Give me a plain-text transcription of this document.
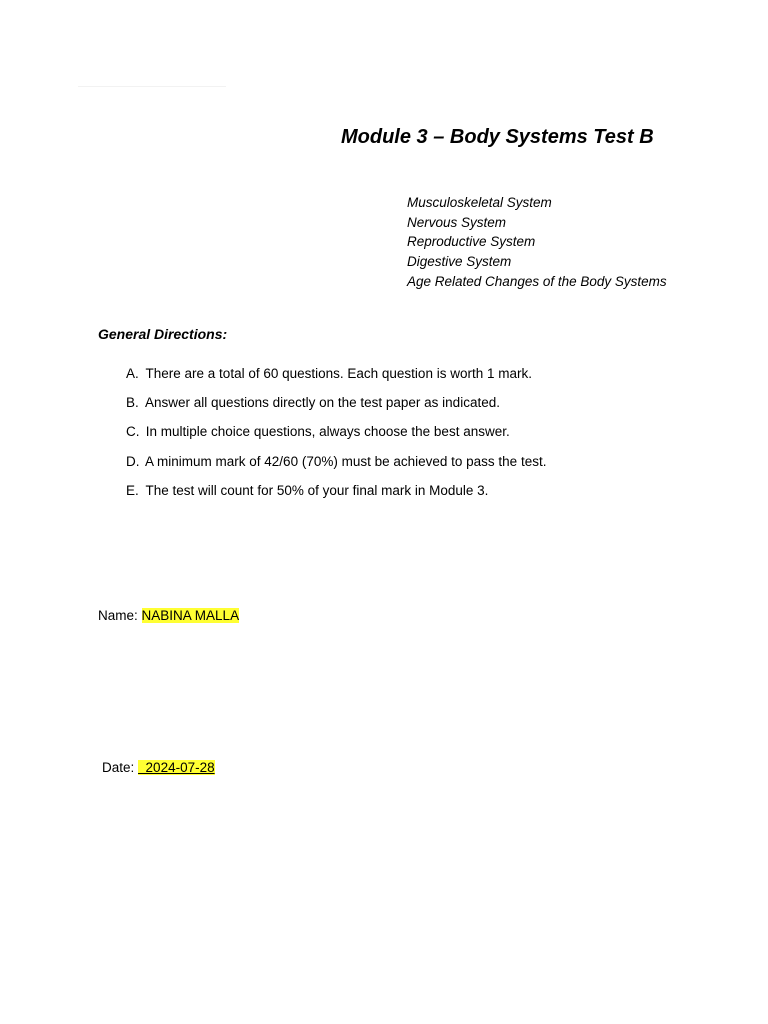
Module 3 – Body Systems Test B
Musculoskeletal System
Nervous System
Reproductive System
Digestive System
Age Related Changes of the Body Systems
General Directions:
A. There are a total of 60 questions. Each question is worth 1 mark.
B. Answer all questions directly on the test paper as indicated.
C. In multiple choice questions, always choose the best answer.
D. A minimum mark of 42/60 (70%) must be achieved to pass the test.
E. The test will count for 50% of your final mark in Module 3.
Name: NABINA MALLA
Date:   2024-07-28
